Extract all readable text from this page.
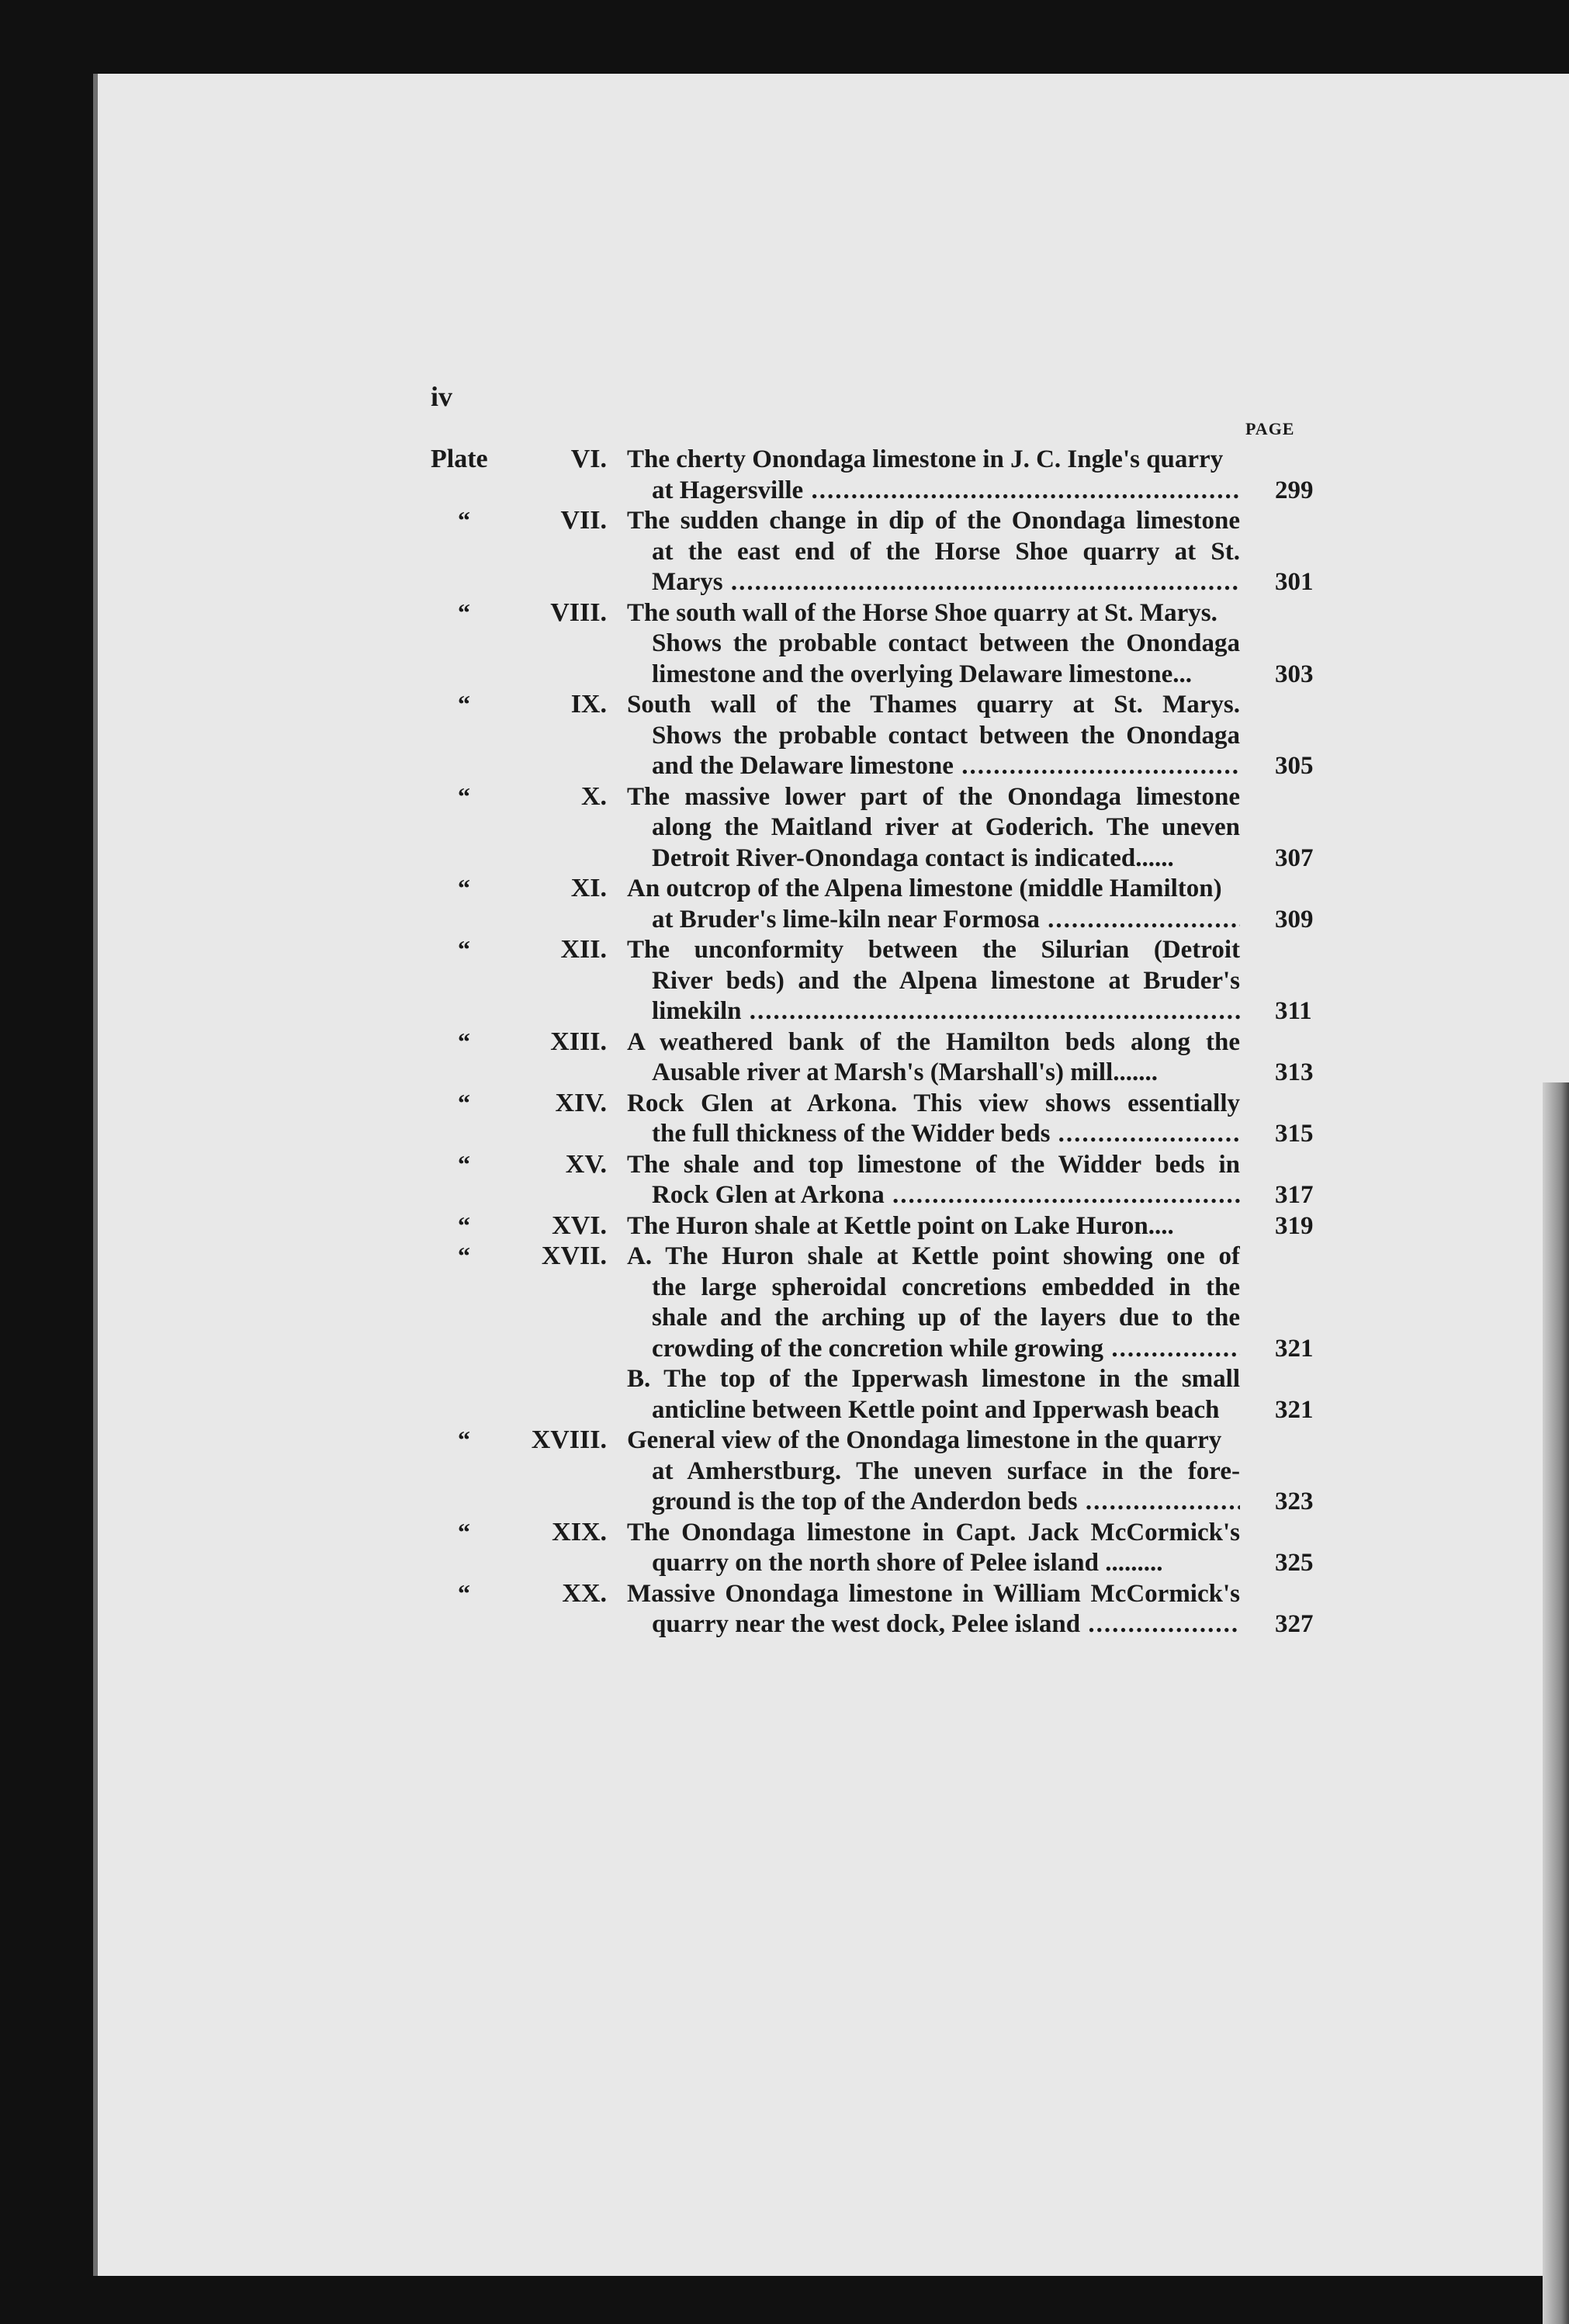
iv
PAGE
Plate	VI. The cherty Onondaga limestone in J. C. Ingle's quarry
at Hagersville .....	299
“	VII. The sudden change in dip of the Onondaga limestone
at the east end of the Horse Shoe quarry at St.
Marys .....	301
“	VIII. The south wall of the Horse Shoe quarry at St. Marys.
Shows the probable contact between the Onondaga
limestone and the overlying Delaware limestone...	303
“	IX. South wall of the Thames quarry at St. Marys.
Shows the probable contact between the Onondaga
and the Delaware limestone .....	305
“	X. The massive lower part of the Onondaga limestone
along the Maitland river at Goderich. The uneven
Detroit River-Onondaga contact is indicated......	307
“	XI. An outcrop of the Alpena limestone (middle Hamilton)
at Bruder's lime-kiln near Formosa .....	309
“	XII. The unconformity between the Silurian (Detroit
River beds) and the Alpena limestone at Bruder's
limekiln .....	311
“	XIII. A weathered bank of the Hamilton beds along the
Ausable river at Marsh's (Marshall's) mill.......	313
“	XIV. Rock Glen at Arkona. This view shows essentially
the full thickness of the Widder beds .....	315
“	XV. The shale and top limestone of the Widder beds in
Rock Glen at Arkona .....	317
“	XVI. The Huron shale at Kettle point on Lake Huron....	319
“	XVII. A. The Huron shale at Kettle point showing one of
the large spheroidal concretions embedded in the
shale and the arching up of the layers due to the
crowding of the concretion while growing .....	321
B. The top of the Ipperwash limestone in the small
anticline between Kettle point and Ipperwash beach	321
“ XVIII. General view of the Onondaga limestone in the quarry
at Amherstburg. The uneven surface in the fore-
ground is the top of the Anderdon beds .....	323
“	XIX. The Onondaga limestone in Capt. Jack McCormick's
quarry on the north shore of Pelee island .........	325
“	XX. Massive Onondaga limestone in William McCormick's
quarry near the west dock, Pelee island .....	327
